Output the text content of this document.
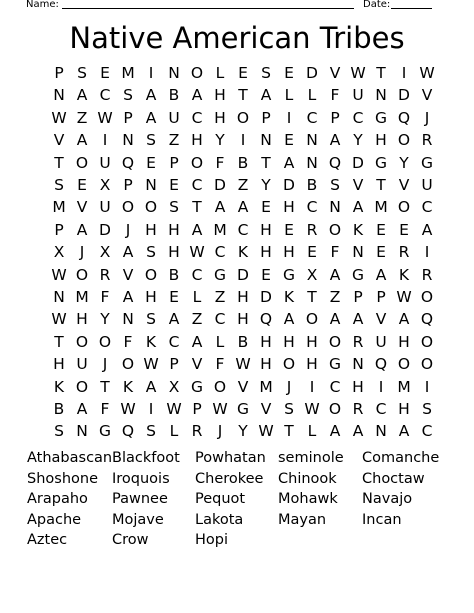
Name:	Date:
Native American Tribes
P S E M I N O L E S E D V W T	I W
N A C S A B A H T A L L F U N D V
W Z W P A U C H O P	I C P C G Q J
V A I N S Z H Y	I N E N A Y H O R
T O U Q E P O F B T A N Q D G Y G
S E X P N E C D Z Y D B S V T V U
M V U O O S T A A E H C N A M O C
P A D J H H A M C H E R O K E E A
X J X A S H W C K H H E F N E R I
W O R V O B C G D E G X A G A K R
N M F A H E L Z H D K T Z P P W O
W H Y N S A Z C H Q A O A A V A Q
T O O F K C A L B H H H O R U H O
H U J O W P V F W H O H G N Q O O
K O T K A X G O V M J	I C H I M I
B A F W I W P W G V S W O R C H S
S N G Q S L R J	Y W T L A A N A C
Athabascan Blackfoot Powhatan seminole Comanche
Shoshone Iroquois Cherokee Chinook Choctaw
Arapaho Pawnee Pequot Mohawk Navajo
Apache Mojave Lakota Mayan Incan
Aztec	Crow	Hopi
